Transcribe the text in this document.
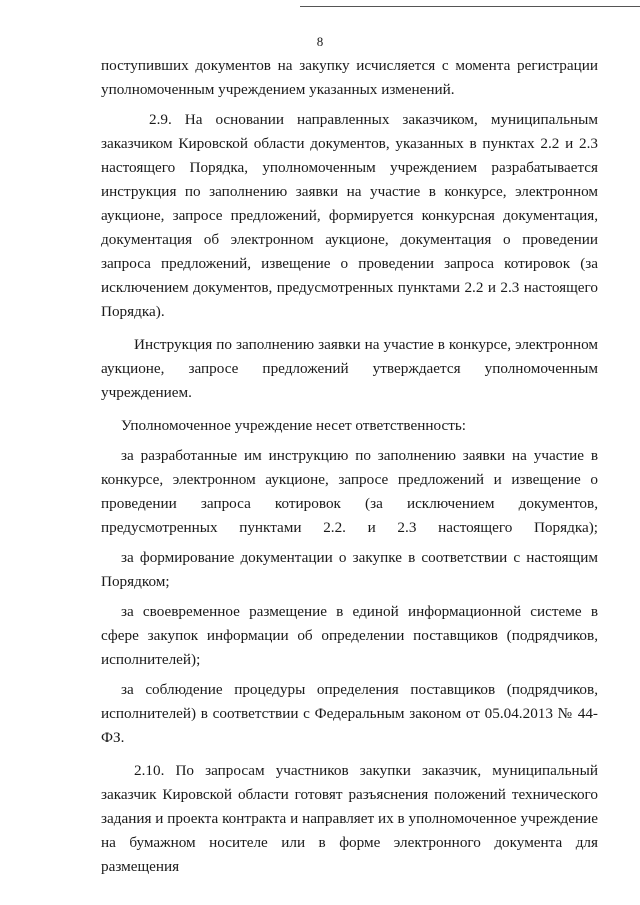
8

поступивших документов на закупку исчисляется с момента регистрации уполномоченным учреждением указанных изменений.

2.9. На основании направленных заказчиком, муниципальным заказчиком Кировской области документов, указанных в пунктах 2.2 и 2.3 настоящего Порядка, уполномоченным учреждением разрабатывается инструкция по заполнению заявки на участие в конкурсе, электронном аукционе, запросе предложений, формируется конкурсная документация, документация об электронном аукционе, документация о проведении запроса предложений, извещение о проведении запроса котировок (за исключением документов, предусмотренных пунктами 2.2 и 2.3 настоящего Порядка).

Инструкция по заполнению заявки на участие в конкурсе, электронном аукционе, запросе предложений утверждается уполномоченным учреждением.

Уполномоченное учреждение несет ответственность:

за разработанные им инструкцию по заполнению заявки на участие в конкурсе, электронном аукционе, запросе предложений и извещение о проведении запроса котировок (за исключением документов, предусмотренных пунктами 2.2. и 2.3 настоящего Порядка);

за формирование документации о закупке в соответствии с настоящим Порядком;

за своевременное размещение в единой информационной системе в сфере закупок информации об определении поставщиков (подрядчиков, исполнителей);

за соблюдение процедуры определения поставщиков (подрядчиков, исполнителей) в соответствии с Федеральным законом от 05.04.2013 № 44-ФЗ.

2.10. По запросам участников закупки заказчик, муниципальный заказчик Кировской области готовят разъяснения положений технического задания и проекта контракта и направляет их в уполномоченное учреждение на бумажном носителе или в форме электронного документа для размещения
